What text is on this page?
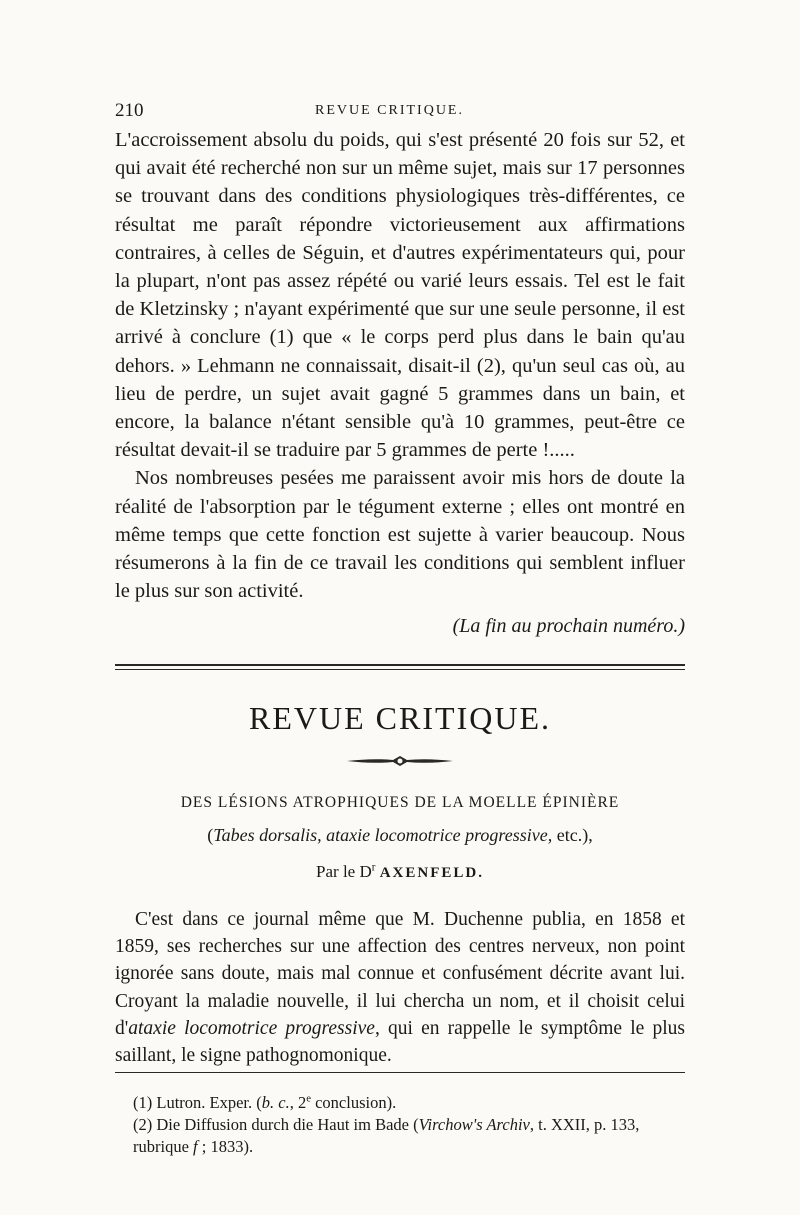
210	REVUE CRITIQUE.

L'accroissement absolu du poids, qui s'est présenté 20 fois sur 52, et qui avait été recherché non sur un même sujet, mais sur 17 personnes se trouvant dans des conditions physiologiques très-différentes, ce résultat me paraît répondre victorieusement aux affirmations contraires, à celles de Séguin, et d'autres expérimentateurs qui, pour la plupart, n'ont pas assez répété ou varié leurs essais. Tel est le fait de Kletzinsky ; n'ayant expérimenté que sur une seule personne, il est arrivé à conclure (1) que « le corps perd plus dans le bain qu'au dehors. » Lehmann ne connaissait, disait-il (2), qu'un seul cas où, au lieu de perdre, un sujet avait gagné 5 grammes dans un bain, et encore, la balance n'étant sensible qu'à 10 grammes, peut-être ce résultat devait-il se traduire par 5 grammes de perte !.....

Nos nombreuses pesées me paraissent avoir mis hors de doute la réalité de l'absorption par le tégument externe ; elles ont montré en même temps que cette fonction est sujette à varier beaucoup. Nous résumerons à la fin de ce travail les conditions qui semblent influer le plus sur son activité.

(La fin au prochain numéro.)
REVUE CRITIQUE.
DES LÉSIONS ATROPHIQUES DE LA MOELLE ÉPINIÈRE
(Tabes dorsalis, ataxie locomotrice progressive, etc.),
Par le $D^r$ AXENFELD.

C'est dans ce journal même que M. Duchenne publia, en 1858 et 1859, ses recherches sur une affection des centres nerveux, non point ignorée sans doute, mais mal connue et confusément décrite avant lui. Croyant la maladie nouvelle, il lui chercha un nom, et il choisit celui d'ataxie locomotrice progressive, qui en rappelle le symptôme le plus saillant, le signe pathognomonique.

(1) Lutron. Exper. (b. c., 2e conclusion).

(2) Die Diffusion durch die Haut im Bade (Virchow's Archiv, t. XXII, p. 133, rubrique f ; 1833).
